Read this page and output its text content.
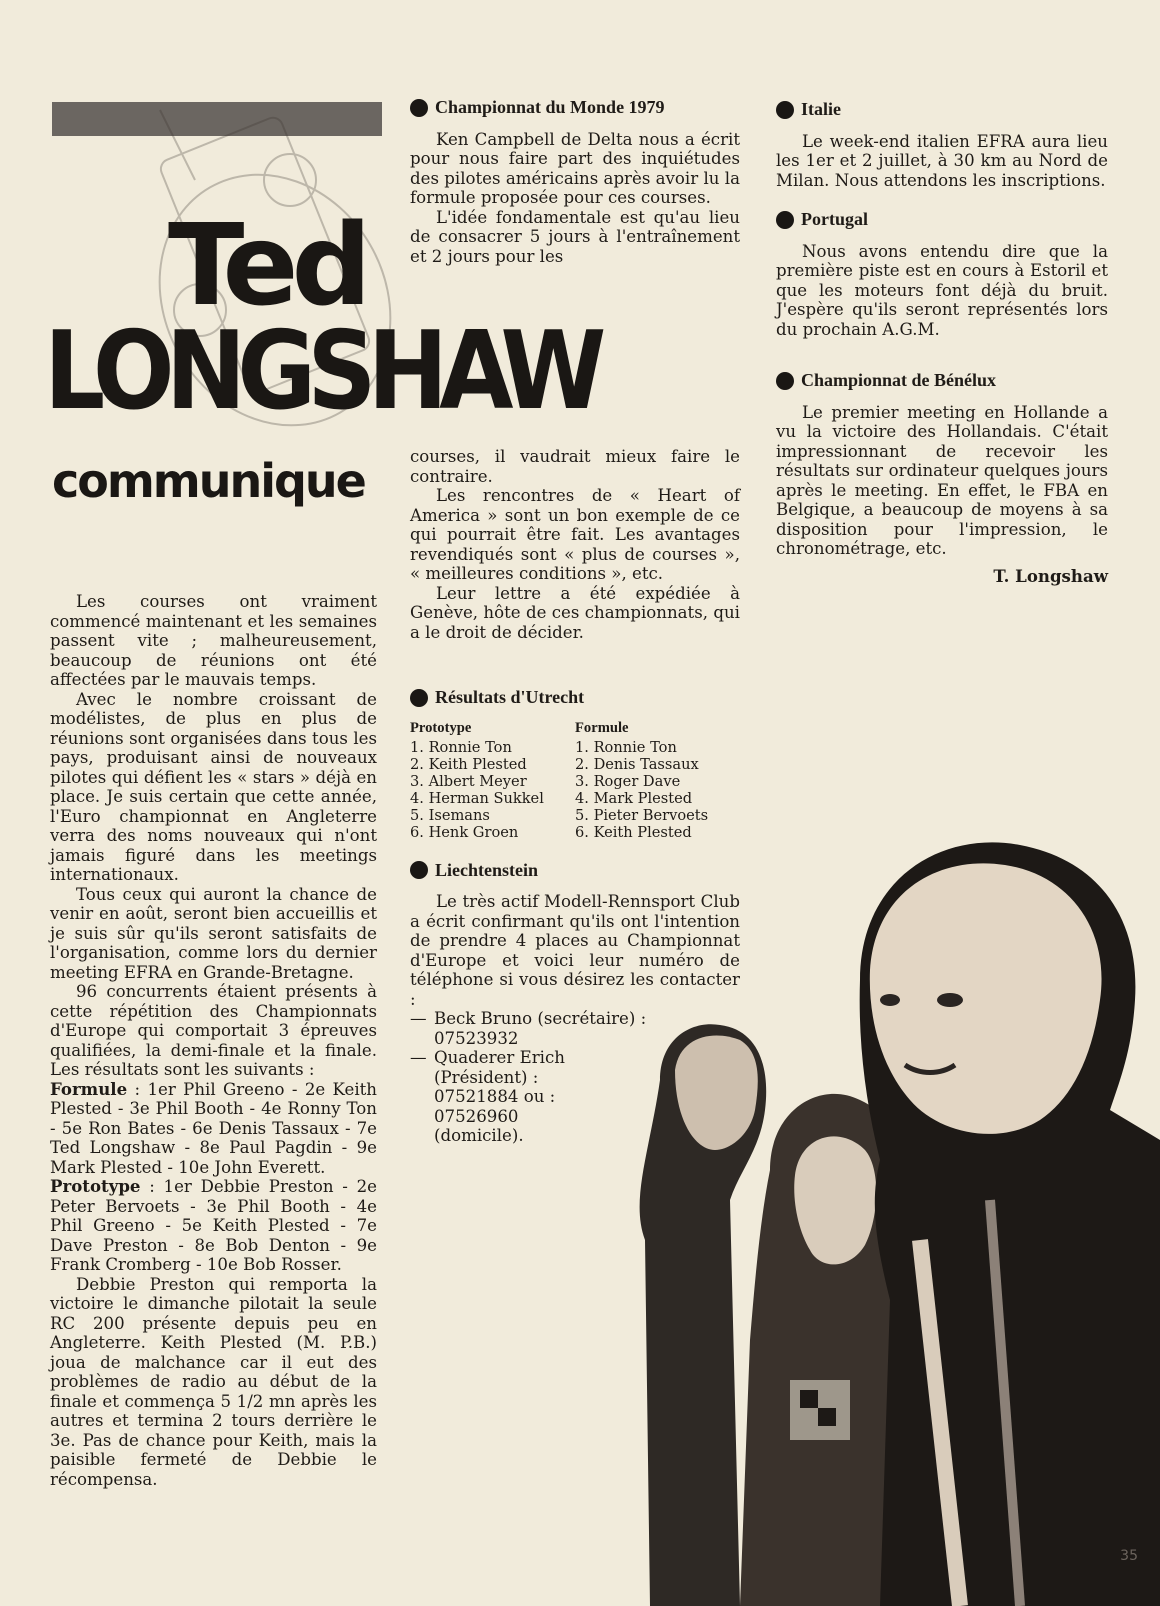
Ted
LONGSHAW
communique

Les courses ont vraiment commencé maintenant et les semaines passent vite ; malheureusement, beaucoup de réunions ont été affectées par le mauvais temps.

Avec le nombre croissant de modélistes, de plus en plus de réunions sont organisées dans tous les pays, produisant ainsi de nouveaux pilotes qui défient les « stars » déjà en place. Je suis certain que cette année, l'Euro championnat en Angleterre verra des noms nouveaux qui n'ont jamais figuré dans les meetings internationaux.

Tous ceux qui auront la chance de venir en août, seront bien accueillis et je suis sûr qu'ils seront satisfaits de l'organisation, comme lors du dernier meeting EFRA en Grande-Bretagne.

96 concurrents étaient présents à cette répétition des Championnats d'Europe qui comportait 3 épreuves qualifiées, la demi-finale et la finale. Les résultats sont les suivants :

Formule : 1er Phil Greeno - 2e Keith Plested - 3e Phil Booth - 4e Ronny Ton - 5e Ron Bates - 6e Denis Tassaux - 7e Ted Longshaw - 8e Paul Pagdin - 9e Mark Plested - 10e John Everett.

Prototype : 1er Debbie Preston - 2e Peter Bervoets - 3e Phil Booth - 4e Phil Greeno - 5e Keith Plested - 7e Dave Preston - 8e Bob Denton - 9e Frank Cromberg - 10e Bob Rosser.

Debbie Preston qui remporta la victoire le dimanche pilotait la seule RC 200 présente depuis peu en Angleterre. Keith Plested (M. P.B.) joua de malchance car il eut des problèmes de radio au début de la finale et commença 5 1/2 mn après les autres et termina 2 tours derrière le 3e. Pas de chance pour Keith, mais la paisible fermeté de Debbie le récompensa.

Championnat du Monde 1979

Ken Campbell de Delta nous a écrit pour nous faire part des inquiétudes des pilotes américains après avoir lu la formule proposée pour ces courses.

L'idée fondamentale est qu'au lieu de consacrer 5 jours à l'entraînement et 2 jours pour les

courses, il vaudrait mieux faire le contraire.

Les rencontres de « Heart of America » sont un bon exemple de ce qui pourrait être fait. Les avantages revendiqués sont « plus de courses », « meilleures conditions », etc.

Leur lettre a été expédiée à Genève, hôte de ces championnats, qui a le droit de décider.

Résultats d'Utrecht
Prototype
1. Ronnie Ton
2. Keith Plested
3. Albert Meyer
4. Herman Sukkel
5. Isemans
6. Henk Groen
Formule
1. Ronnie Ton
2. Denis Tassaux
3. Roger Dave
4. Mark Plested
5. Pieter Bervoets
6. Keith Plested
Liechtenstein

Le très actif Modell-Rennsport Club a écrit confirmant qu'ils ont l'intention de prendre 4 places au Championnat d'Europe et voici leur numéro de téléphone si vous désirez les contacter :

— Beck Bruno (secrétaire) : 07523932

— Quaderer Erich (Président) : 07521884 ou : 07526960 (domicile).

Italie

Le week-end italien EFRA aura lieu les 1er et 2 juillet, à 30 km au Nord de Milan. Nous attendons les inscriptions.

Portugal

Nous avons entendu dire que la première piste est en cours à Estoril et que les moteurs font déjà du bruit. J'espère qu'ils seront représentés lors du prochain A.G.M.

Championnat de Bénélux

Le premier meeting en Hollande a vu la victoire des Hollandais. C'était impressionnant de recevoir les résultats sur ordinateur quelques jours après le meeting. En effet, le FBA en Belgique, a beaucoup de moyens à sa disposition pour l'impression, le chronométrage, etc.

T. Longshaw
35
